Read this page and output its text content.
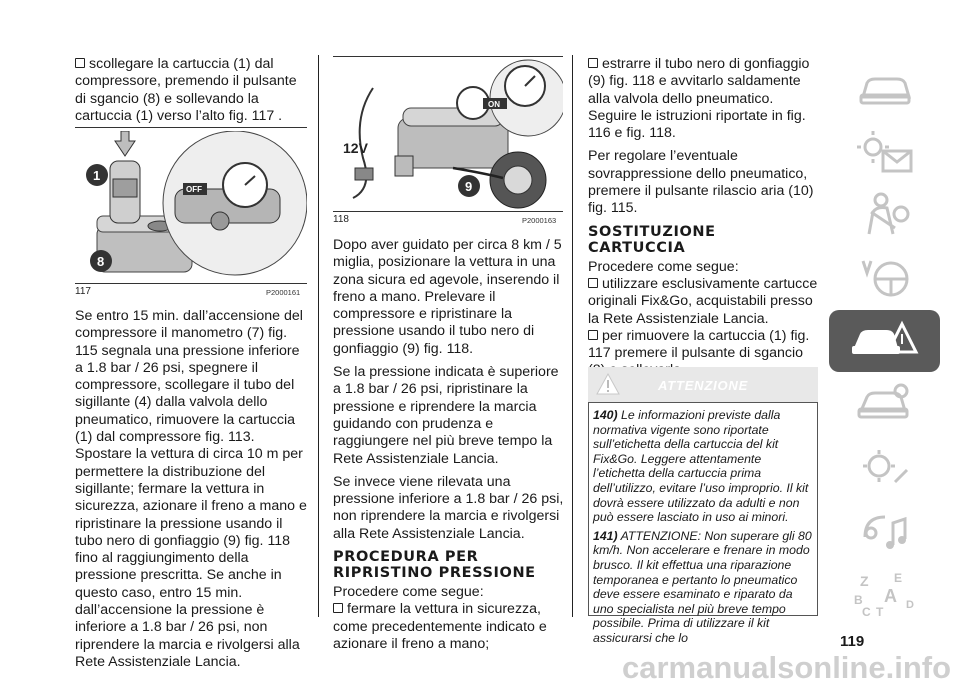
scollegare la cartuccia (1) dal compressore, premendo il pulsante di sgancio (8) e sollevando la cartuccia (1) verso l’alto fig. 117 .

OFF
1
8
117	P2000161

Se entro 15 min. dall’accensione del compressore il manometro (7) fig. 115 segnala una pressione inferiore a 1.8 bar / 26 psi, spegnere il compressore, scollegare il tubo del sigillante (4) dalla valvola dello pneumatico, rimuovere la cartuccia (1) dal compressore fig. 113. Spostare la vettura di circa 10 m per permettere la distribuzione del sigillante; fermare la vettura in sicurezza, azionare il freno a mano e ripristinare la pressione usando il tubo nero di gonfiaggio (9) fig. 118 fino al raggiungimento della pressione prescritta. Se anche in questo caso, entro 15 min. dall’accensione la pressione è inferiore a 1.8 bar / 26 psi, non riprendere la marcia e rivolgersi alla Rete Assistenziale Lancia.

ON
12V
9
118	P2000163

Dopo aver guidato per circa 8 km / 5 miglia, posizionare la vettura in una zona sicura ed agevole, inserendo il freno a mano. Prelevare il compressore e ripristinare la pressione usando il tubo nero di gonfiaggio (9) fig. 118.

Se la pressione indicata è superiore a 1.8 bar / 26 psi, ripristinare la pressione e riprendere la marcia guidando con prudenza e raggiungere nel più breve tempo la Rete Assistenziale Lancia.

Se invece viene rilevata una pressione inferiore a 1.8 bar / 26 psi, non riprendere la marcia e rivolgersi alla Rete Assistenziale Lancia.

PROCEDURA PER
RIPRISTINO PRESSIONE

Procedere come segue:

fermare la vettura in sicurezza, come precedentemente indicato e azionare il freno a mano;

estrarre il tubo nero di gonfiaggio (9) fig. 118 e avvitarlo saldamente alla valvola dello pneumatico. Seguire le istruzioni riportate in fig. 116 e fig. 118.

Per regolare l’eventuale sovrappressione dello pneumatico, premere il pulsante rilascio aria (10) fig. 115.

SOSTITUZIONE
CARTUCCIA

Procedere come segue:

utilizzare esclusivamente cartucce originali Fix&Go, acquistabili presso la Rete Assistenziale Lancia.

per rimuovere la cartuccia (1) fig. 117 premere il pulsante di sgancio

ATTENZIONE
140) Le informazioni previste dalla normativa vigente sono riportate sull’etichetta della cartuccia del kit Fix&Go. Leggere attentamente l’etichetta della cartuccia prima dell’utilizzo, evitare l’uso improprio. Il kit dovrà essere utilizzato da adulti e non può essere lasciato in uso ai minori.
141) ATTENZIONE: Non superare gli 80 km/h. Non accelerare e frenare in modo brusco. Il kit effettua una riparazione temporanea e pertanto lo pneumatico deve essere esaminato e riparato da uno specialista nel più breve tempo possibile. Prima di utilizzare il kit assicurarsi che lo
Z E
B A D
C T
119
carmanualsonline.info
